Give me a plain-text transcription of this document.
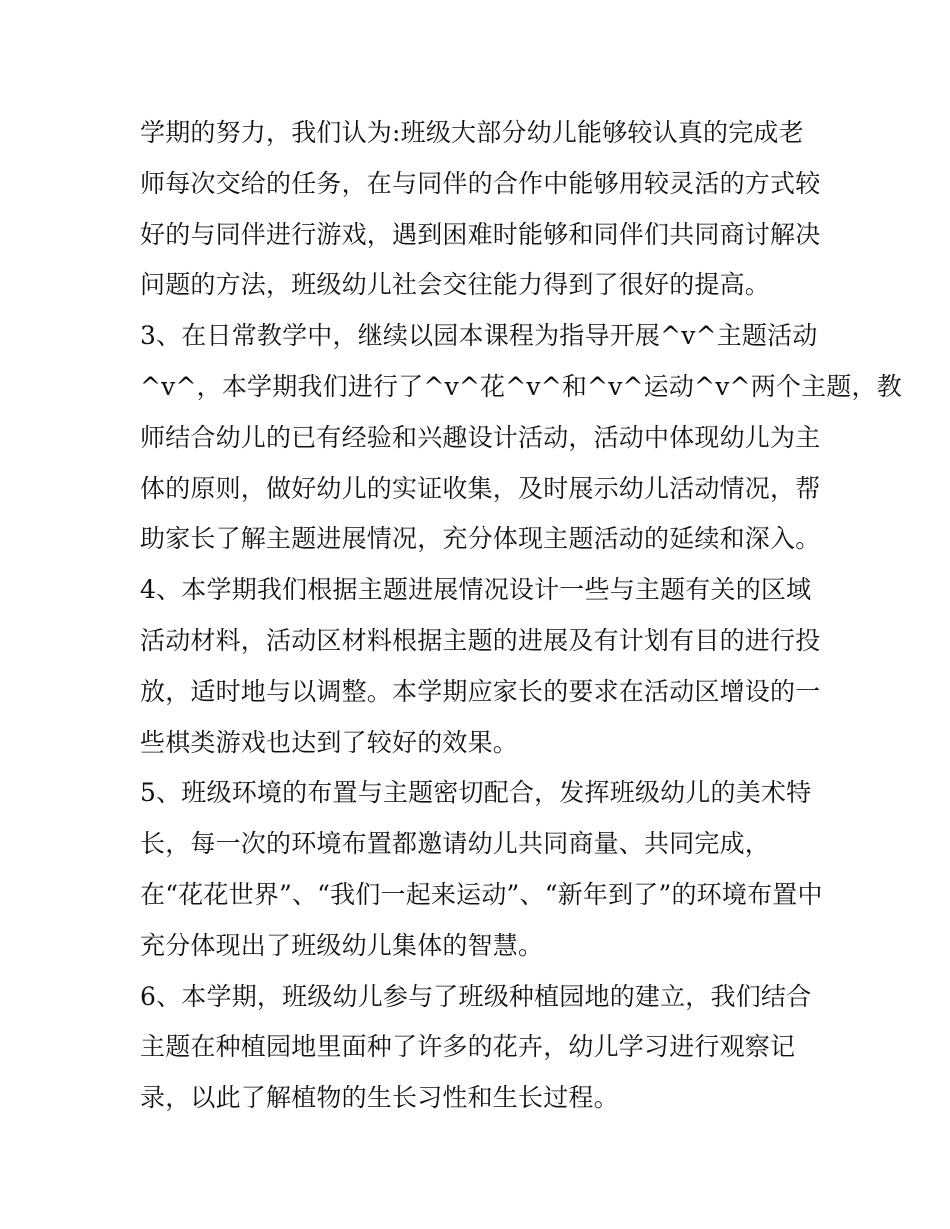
学期的努力，我们认为:班级大部分幼儿能够较认真的完成老
师每次交给的任务，在与同伴的合作中能够用较灵活的方式较
好的与同伴进行游戏，遇到困难时能够和同伴们共同商讨解决
问题的方法，班级幼儿社会交往能力得到了很好的提高。
3、在日常教学中，继续以园本课程为指导开展^v^主题活动
^v^，本学期我们进行了^v^花^v^和^v^运动^v^两个主题，教
师结合幼儿的已有经验和兴趣设计活动，活动中体现幼儿为主
体的原则，做好幼儿的实证收集，及时展示幼儿活动情况，帮
助家长了解主题进展情况，充分体现主题活动的延续和深入。
4、本学期我们根据主题进展情况设计一些与主题有关的区域
活动材料，活动区材料根据主题的进展及有计划有目的进行投
放，适时地与以调整。本学期应家长的要求在活动区增设的一
些棋类游戏也达到了较好的效果。
5、班级环境的布置与主题密切配合，发挥班级幼儿的美术特
长，每一次的环境布置都邀请幼儿共同商量、共同完成，
在“花花世界”、“我们一起来运动”、“新年到了”的环境布置中
充分体现出了班级幼儿集体的智慧。
6、本学期，班级幼儿参与了班级种植园地的建立，我们结合
主题在种植园地里面种了许多的花卉，幼儿学习进行观察记
录，以此了解植物的生长习性和生长过程。
